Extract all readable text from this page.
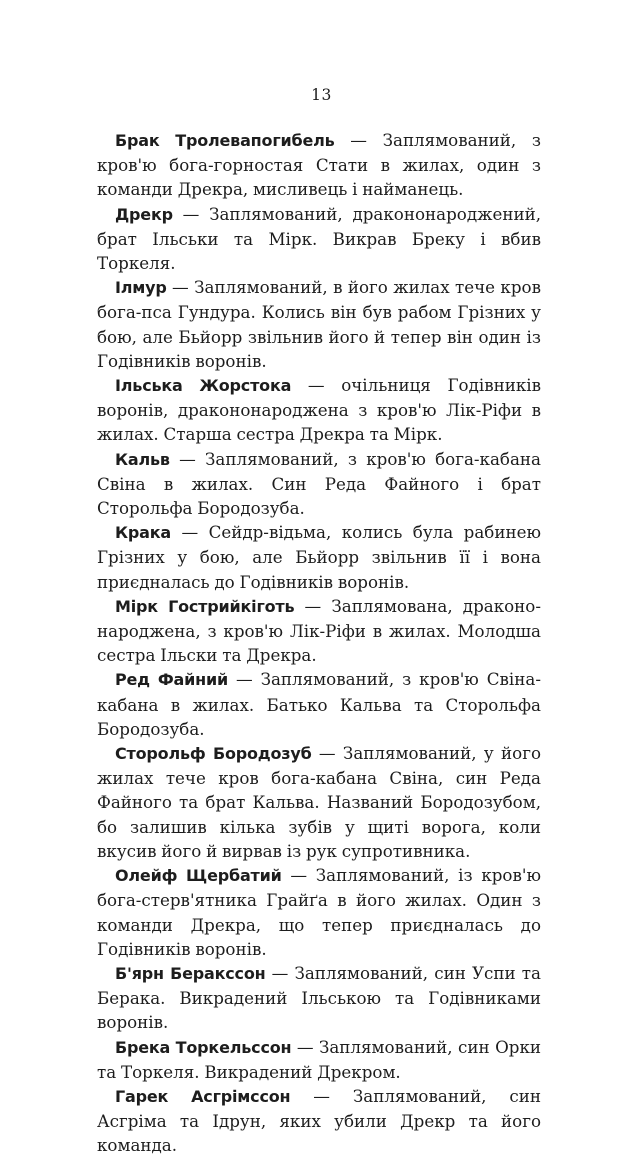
13

Брак Тролевапогибель — Заплямований, з кров'ю бога-горностая Стати в жилах, один з команди Дрекра, мисливець і найманець.

Дрекр — Заплямований, дракононароджений, брат Ільськи та Мірк. Викрав Бреку і вбив Торкеля.

Ілмур — Заплямований, в його жилах тече кров бога-пса Гундура. Колись він був рабом Грізних у бою, але Бьйорр звільнив його й тепер він один із Годівників воронів.

Ільська Жорстока — очільниця Годівників воронів, дракононароджена з кров'ю Лік-Ріфи в жилах. Старша сестра Дрекра та Мірк.

Кальв — Заплямований, з кров'ю бога-кабана Свіна в жилах. Син Реда Файного і брат Сторольфа Бородозуба.

Крака — Сейдр-відьма, колись була рабинею Грізних у бою, але Бьйорр звільнив її і вона приєдналась до Годівників воронів.

Мірк Гострийкіготь — Заплямована, дракононароджена, з кров'ю Лік-Ріфи в жилах. Молодша сестра Ільски та Дрекра.

Ред Файний — Заплямований, з кров'ю Свіна-кабана в жилах. Батько Кальва та Сторольфа Бородозуба.

Сторольф Бородозуб — Заплямований, у його жилах тече кров бога-кабана Свіна, син Реда Файного та брат Кальва. Названий Бородозубом, бо залишив кілька зубів у щиті ворога, коли вкусив його й вирвав із рук супротивника.

Олейф Щербатий — Заплямований, із кров'ю бога-стерв'ятника Грайґа в його жилах. Один з команди Дрекра, що тепер приєдналась до Годівників воронів.

Б'ярн Бераксcон — Заплямований, син Успи та Беракa. Викрадений Ільською та Годівниками воронів.

Брека Торкельссон — Заплямований, син Орки та Торкеля. Викрадений Дрекром.

Гарек Асгрімссон — Заплямований, син Асгріма та Ідрун, яких убили Дрекр та його команда.
